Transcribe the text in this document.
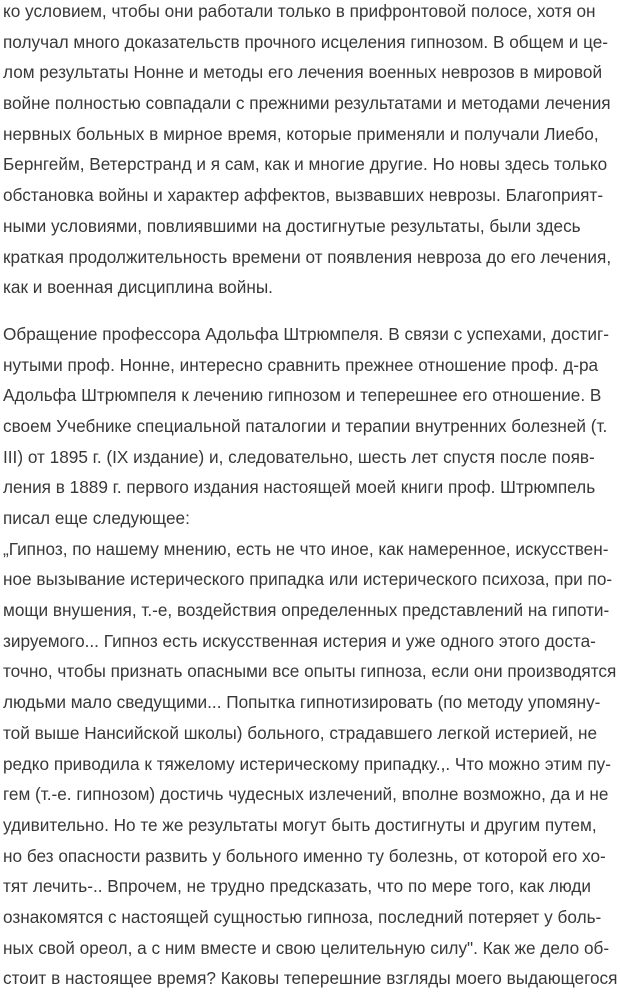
ко условием, чтобы они работали только в прифронтовой полосе, хотя он
получал много доказательств прочного исцеления гипнозом. В общем и це-
лом результаты Нонне и методы его лечения военных неврозов в мировой
войне полностью совпадали с прежними результатами и методами лечения
нервных больных в мирное время, которые применяли и получали Лиебо,
Бернгейм, Ветерстранд и я сам, как и многие другие. Но новы здесь только
обстановка войны и характер аффектов, вызвавших неврозы. Благоприят-
ными условиями, повлиявшими на достигнутые результаты, были здесь
краткая продолжительность времени от появления невроза до его лечения,
как и военная дисциплина войны.
Обращение профессора Адольфа Штрюмпеля. В связи с успехами, достиг-
нутыми проф. Нонне, интересно сравнить прежнее отношение проф. д-ра
Адольфа Штрюмпеля к лечению гипнозом и теперешнее его отношение. В
своем Учебнике специальной паталогии и терапии внутренних болезней (т.
III) от 1895 г. (IX издание) и, следовательно, шесть лет спустя после появ-
ления в 1889 г. первого издания настоящей моей книги проф. Штрюмпель
писал еще следующее:
„Гипноз, по нашему мнению, есть не что иное, как намеренное, искусствен-
ное вызывание истерического припадка или истерического психоза, при по-
мощи внушения, т.-е, воздействия определенных представлений на гипоти-
зируемого... Гипноз есть искусственная истерия и уже одного этого доста-
точно, чтобы признать опасными все опыты гипноза, если они производятся
людьми мало сведущими... Попытка гипнотизировать (по методу упомяну-
той выше Нансийской школы) больного, страдавшего легкой истерией, не
редко приводила к тяжелому истерическому припадку.,. Что можно этим пу-
гем (т.-е. гипнозом) достичь чудесных излечений, вполне возможно, да и не
удивительно. Но те же результаты могут быть достигнуты и другим путем,
но без опасности развить у больного именно ту болезнь, от которой его хо-
тят лечить-.. Впрочем, не трудно предсказать, что по мере того, как люди
ознакомятся с настоящей сущностью гипноза, последний потеряет у боль-
ных свой ореол, а с ним вместе и свою целительную силу". Как же дело об-
стоит в настоящее время? Каковы теперешние взгляды моего выдающегося
